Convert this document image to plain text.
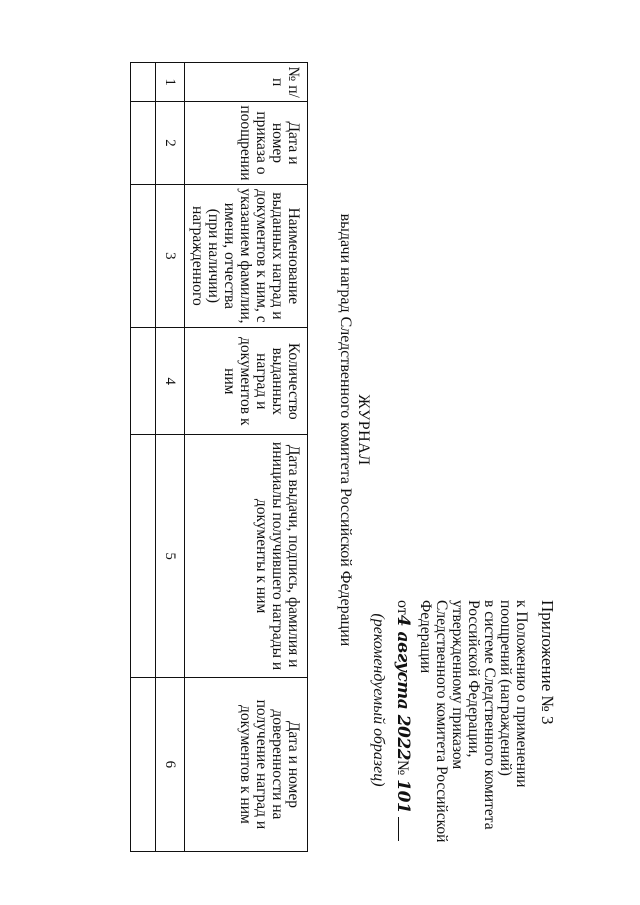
Приложение № 3
к Положению о применении
поощрений (награждений)
в системе Следственного комитета
Российской Федерации,
утвержденному приказом
Следственного комитета Российской
Федерации
от4 августа 2022№ 101
(рекомендуемый образец)
ЖУРНАЛ
выдачи наград Следственного комитета Российской Федерации
№ п/п	Дата и номер приказа о поощрении	Наименование выданных наград и документов к ним, с указанием фамилии, имени, отчества (при наличии) награжденного	Количество выданных наград и документов к ним	Дата выдачи, подпись, фамилия и инициалы получившего награды и документы к ним	Дата и номер доверенности на получение наград и документов к ним
1	2	3	4	5	6
